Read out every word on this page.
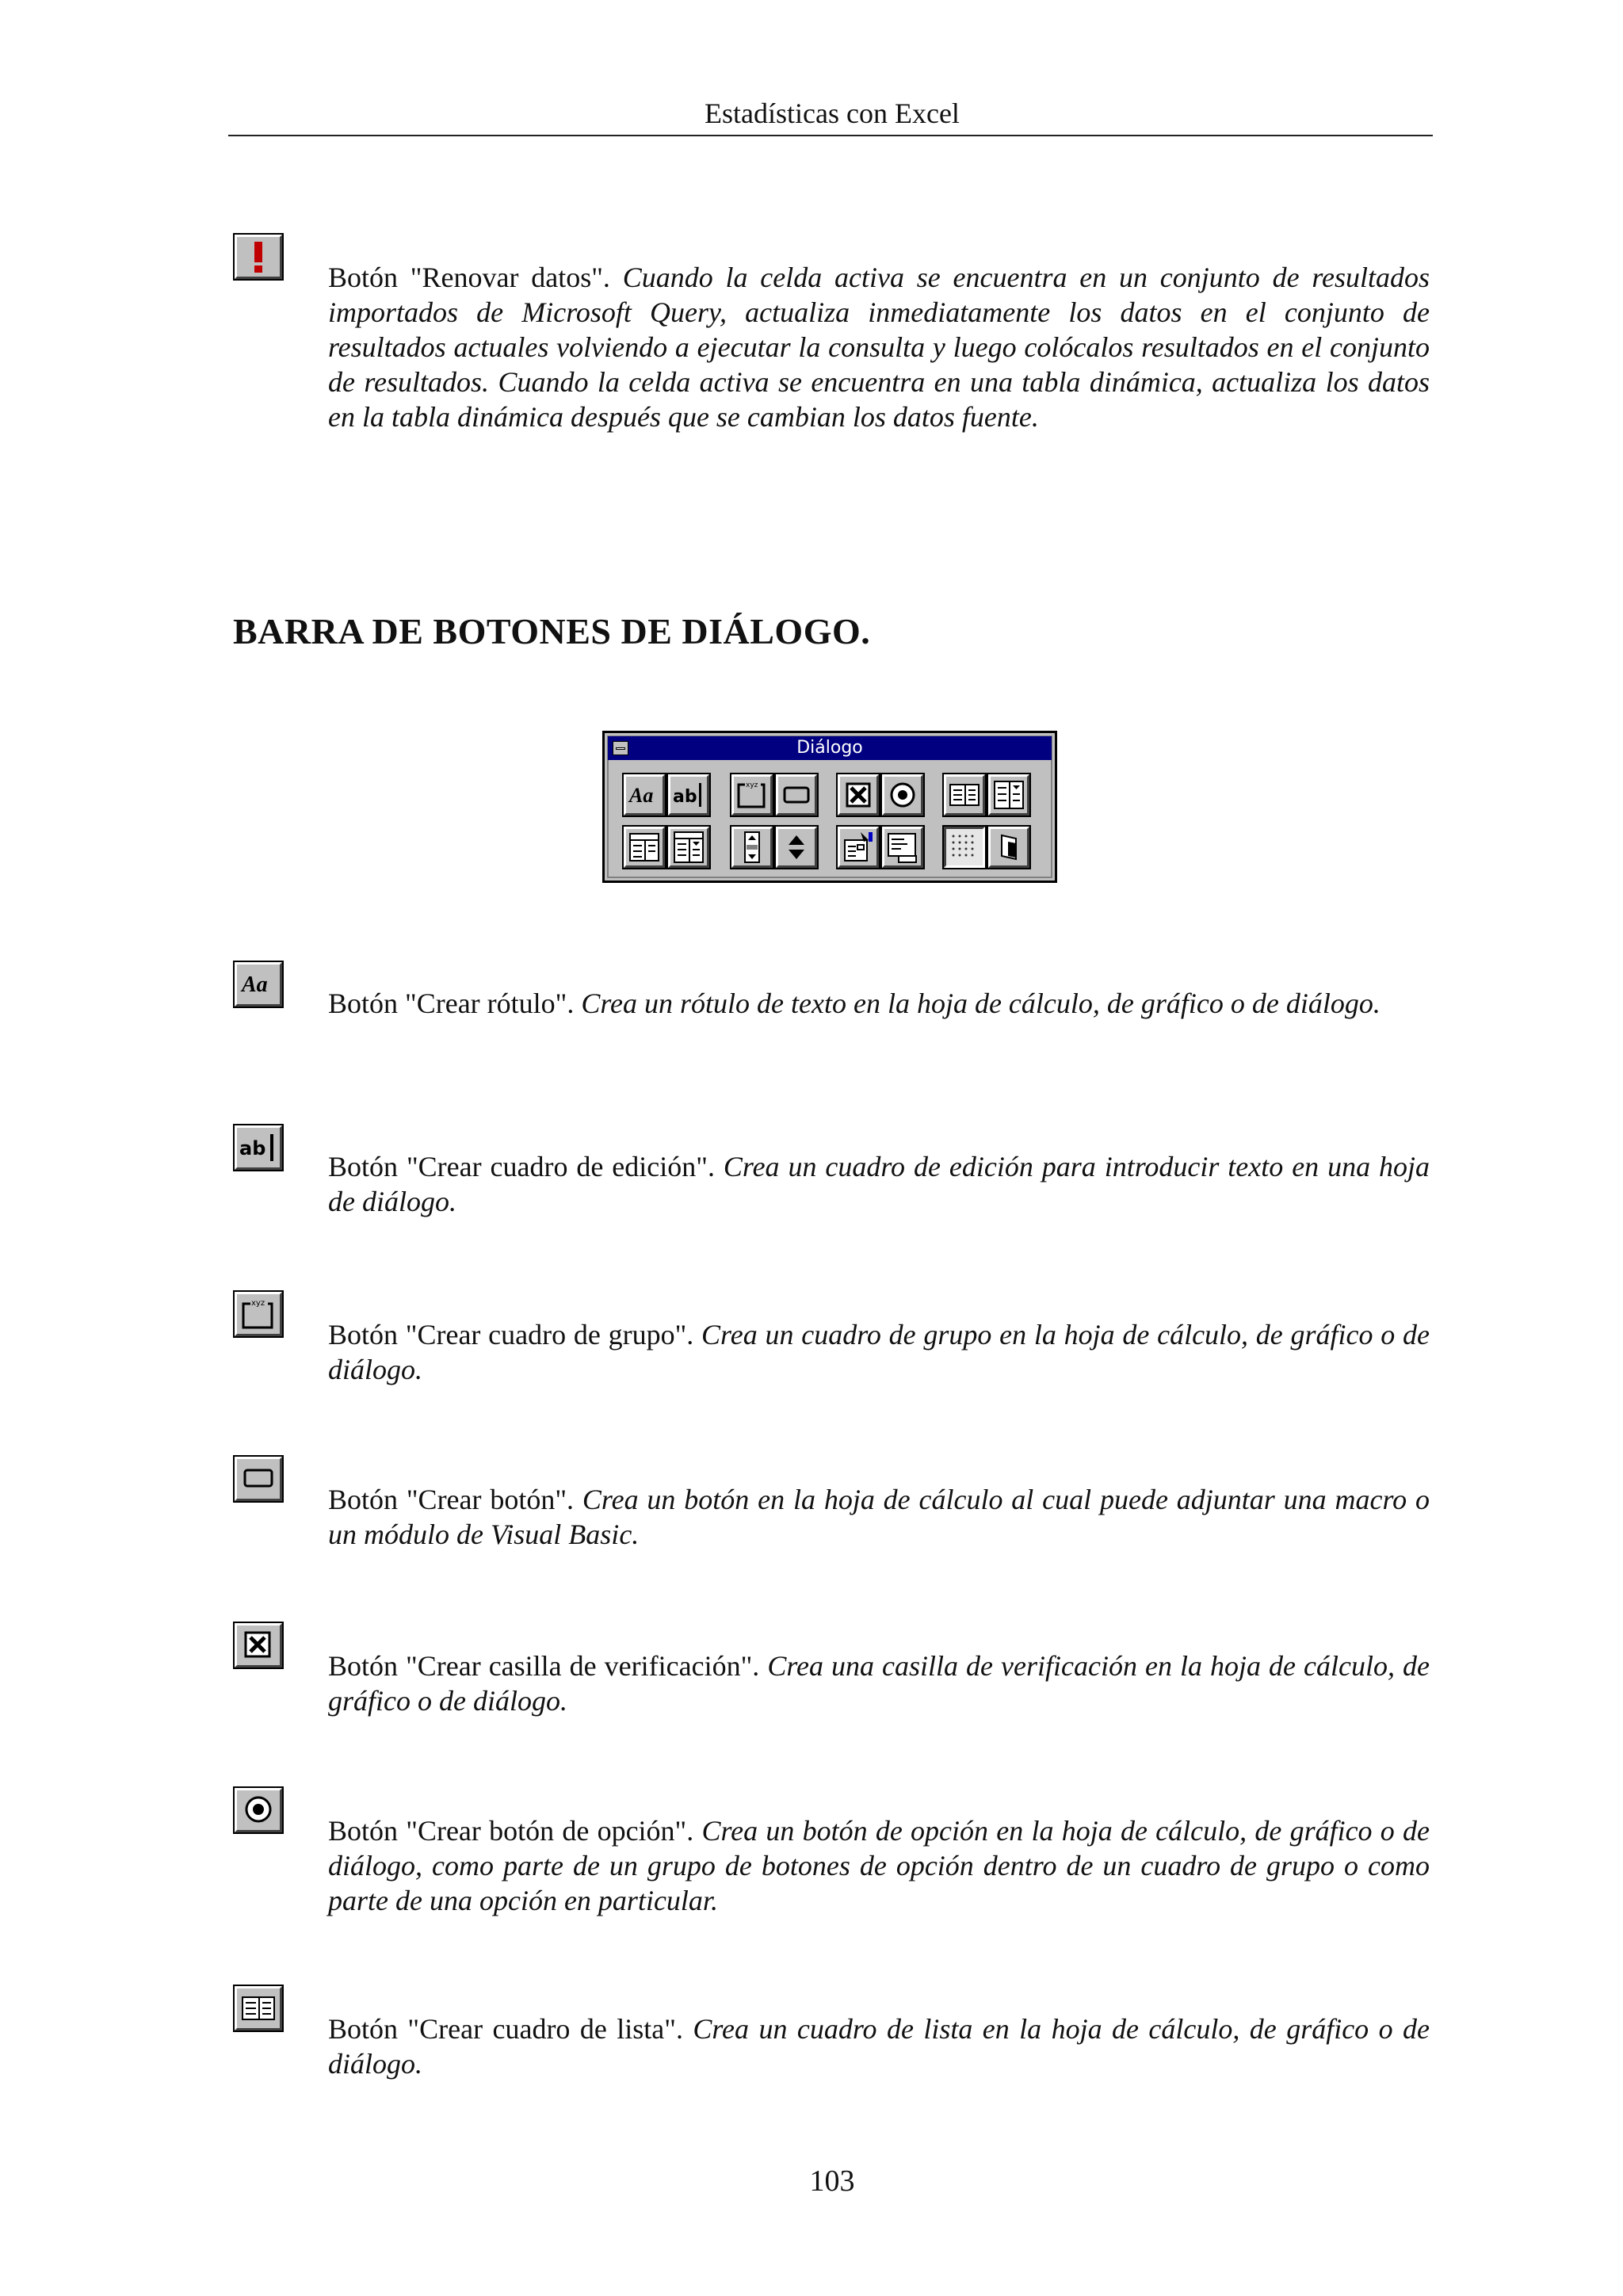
Estadísticas con Excel
Botón "Renovar datos". Cuando la celda activa se encuentra en un conjunto de resultados importados de Microsoft Query, actualiza inmediatamente los datos en el conjunto de resultados actuales volviendo a ejecutar la consulta y luego colócalos resultados en el conjunto de resultados. Cuando la celda activa se encuentra en una tabla dinámica, actualiza los datos en la tabla dinámica después que se cambian los datos fuente.
BARRA DE BOTONES DE DIÁLOGO.
Diálogo
Aa ab
xyz
Aa
Botón "Crear rótulo". Crea un rótulo de texto en la hoja de cálculo, de gráfico o de diálogo.
ab
Botón "Crear cuadro de edición". Crea un cuadro de edición para introducir texto en una hoja de diálogo.
xyz
Botón "Crear cuadro de grupo". Crea un cuadro de grupo en la hoja de cálculo, de gráfico o de diálogo.
Botón "Crear botón". Crea un botón en la hoja de cálculo al cual puede adjuntar una macro o un módulo de Visual Basic.
Botón "Crear casilla de verificación". Crea una casilla de verificación en la hoja de cálculo, de gráfico o de diálogo.
Botón "Crear botón de opción". Crea un botón de opción en la hoja de cálculo, de gráfico o de diálogo, como parte de un grupo de botones de opción dentro de un cuadro de grupo o como parte de una opción en particular.
Botón "Crear cuadro de lista". Crea un cuadro de lista en la hoja de cálculo, de gráfico o de diálogo.
103
